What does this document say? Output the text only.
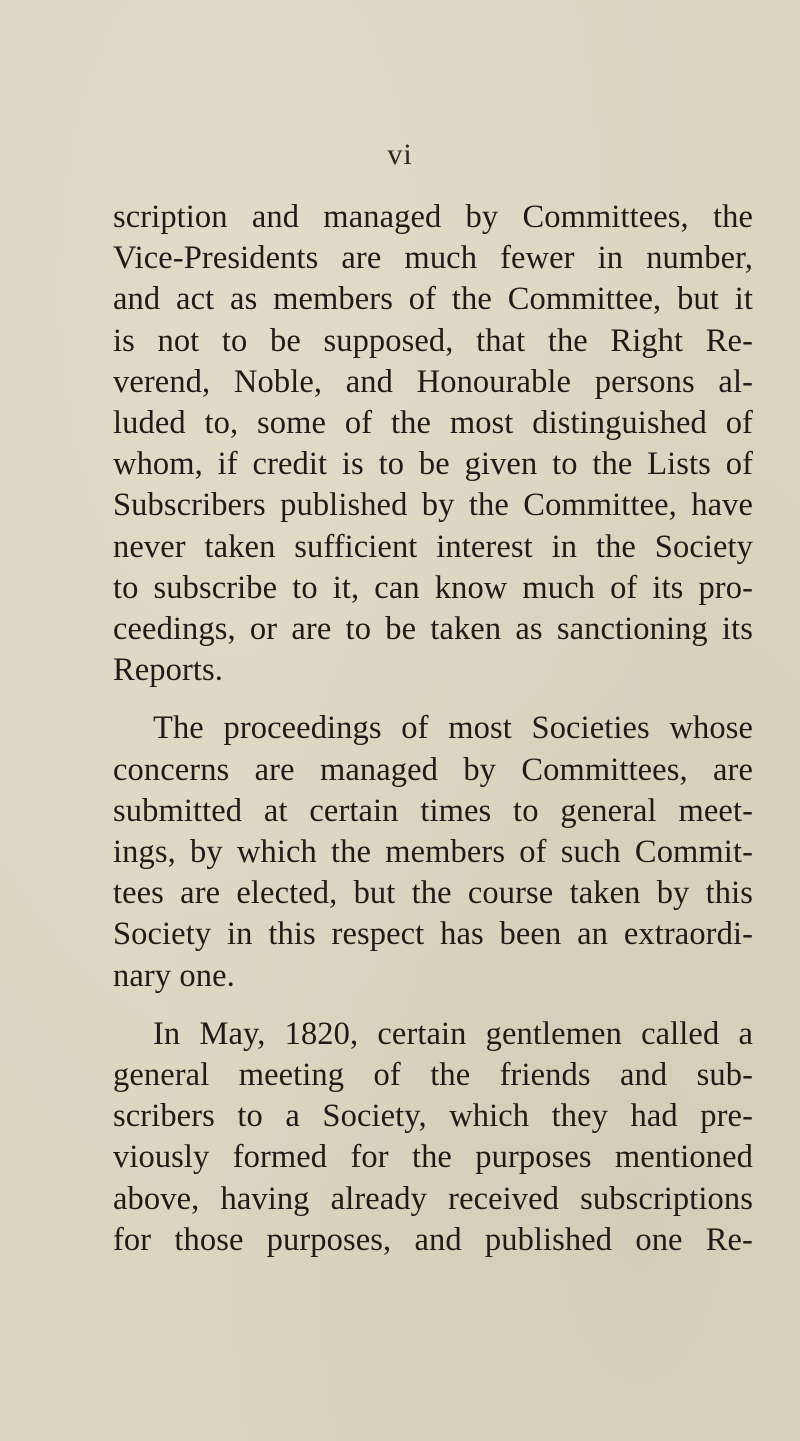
vi

scription and managed by Committees, the
Vice-Presidents are much fewer in number,
and act as members of the Committee, but it
is not to be supposed, that the Right Re-
verend, Noble, and Honourable persons al-
luded to, some of the most distinguished of
whom, if credit is to be given to the Lists of
Subscribers published by the Committee, have
never taken sufficient interest in the Society
to subscribe to it, can know much of its pro-
ceedings, or are to be taken as sanctioning its
Reports.

The proceedings of most Societies whose
concerns are managed by Committees, are
submitted at certain times to general meet-
ings, by which the members of such Commit-
tees are elected, but the course taken by this
Society in this respect has been an extraordi-
nary one.

In May, 1820, certain gentlemen called a
general meeting of the friends and sub-
scribers to a Society, which they had pre-
viously formed for the purposes mentioned
above, having already received subscriptions
for those purposes, and published one Re-
